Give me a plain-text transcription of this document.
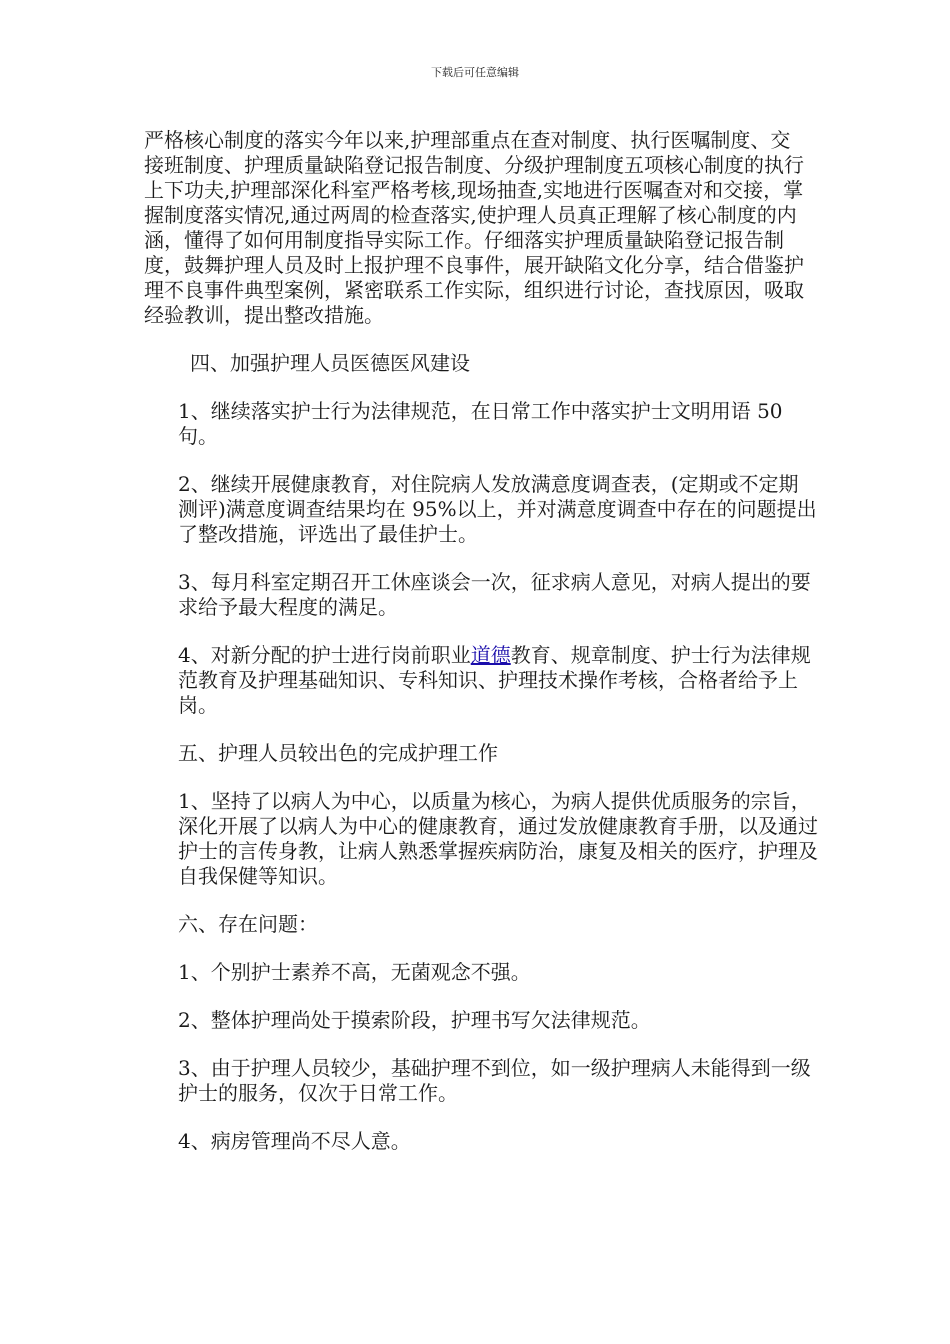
下载后可任意编辑

严格核心制度的落实今年以来,护理部重点在查对制度、执行医嘱制度、交接班制度、护理质量缺陷登记报告制度、分级护理制度五项核心制度的执行上下功夫,护理部深化科室严格考核,现场抽查,实地进行医嘱查对和交接，掌握制度落实情况,通过两周的检查落实,使护理人员真正理解了核心制度的内涵，懂得了如何用制度指导实际工作。仔细落实护理质量缺陷登记报告制度，鼓舞护理人员及时上报护理不良事件，展开缺陷文化分享，结合借鉴护理不良事件典型案例，紧密联系工作实际，组织进行讨论，查找原因，吸取经验教训，提出整改措施。

四、加强护理人员医德医风建设

1、继续落实护士行为法律规范，在日常工作中落实护士文明用语 50 句。

2、继续开展健康教育，对住院病人发放满意度调查表，(定期或不定期测评)满意度调查结果均在 95%以上，并对满意度调查中存在的问题提出了整改措施，评选出了最佳护士。

3、每月科室定期召开工休座谈会一次，征求病人意见，对病人提出的要求给予最大程度的满足。

4、对新分配的护士进行岗前职业道德教育、规章制度、护士行为法律规范教育及护理基础知识、专科知识、护理技术操作考核，合格者给予上岗。

五、护理人员较出色的完成护理工作

1、坚持了以病人为中心，以质量为核心，为病人提供优质服务的宗旨，深化开展了以病人为中心的健康教育，通过发放健康教育手册，以及通过护士的言传身教，让病人熟悉掌握疾病防治，康复及相关的医疗，护理及自我保健等知识。

六、存在问题：

1、个别护士素养不高，无菌观念不强。

2、整体护理尚处于摸索阶段，护理书写欠法律规范。

3、由于护理人员较少，基础护理不到位，如一级护理病人未能得到一级护士的服务，仅次于日常工作。

4、病房管理尚不尽人意。
